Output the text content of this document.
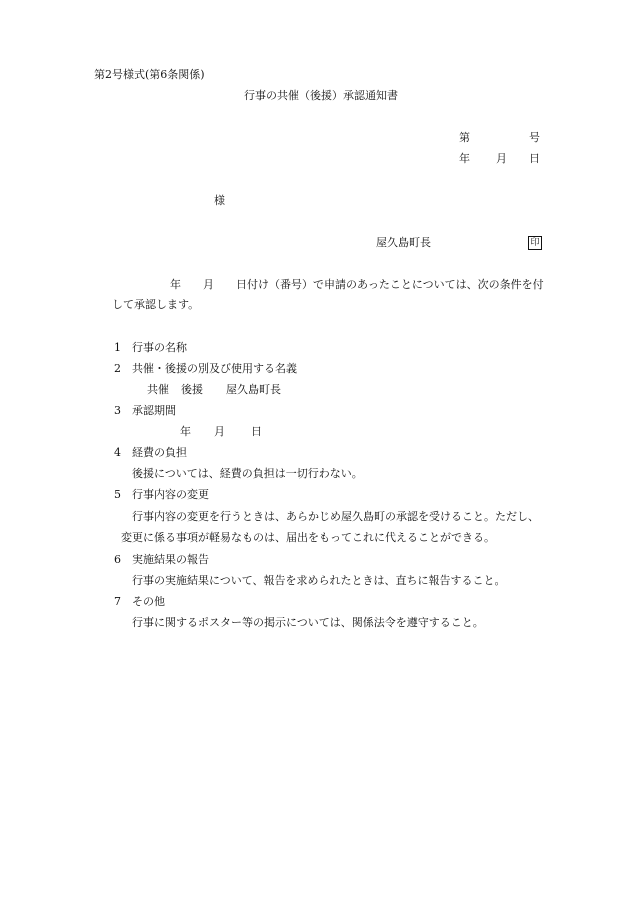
第2号様式(第6条関係)
行事の共催（後援）承認通知書
第	号
年 月 日
様
屋久島町長	印
年 月 日付け（番号）で申請のあったことについては、次の条件を付
して承認します。
1 行事の名称
2 共催・後援の別及び使用する名義
共催 後援 屋久島町長
3 承認期間
年 月 日
4 経費の負担
後援については、経費の負担は一切行わない。
5 行事内容の変更
行事内容の変更を行うときは、あらかじめ屋久島町の承認を受けること。ただし、
変更に係る事項が軽易なものは、届出をもってこれに代えることができる。
6 実施結果の報告
行事の実施結果について、報告を求められたときは、直ちに報告すること。
7 その他
行事に関するポスター等の掲示については、関係法令を遵守すること。
